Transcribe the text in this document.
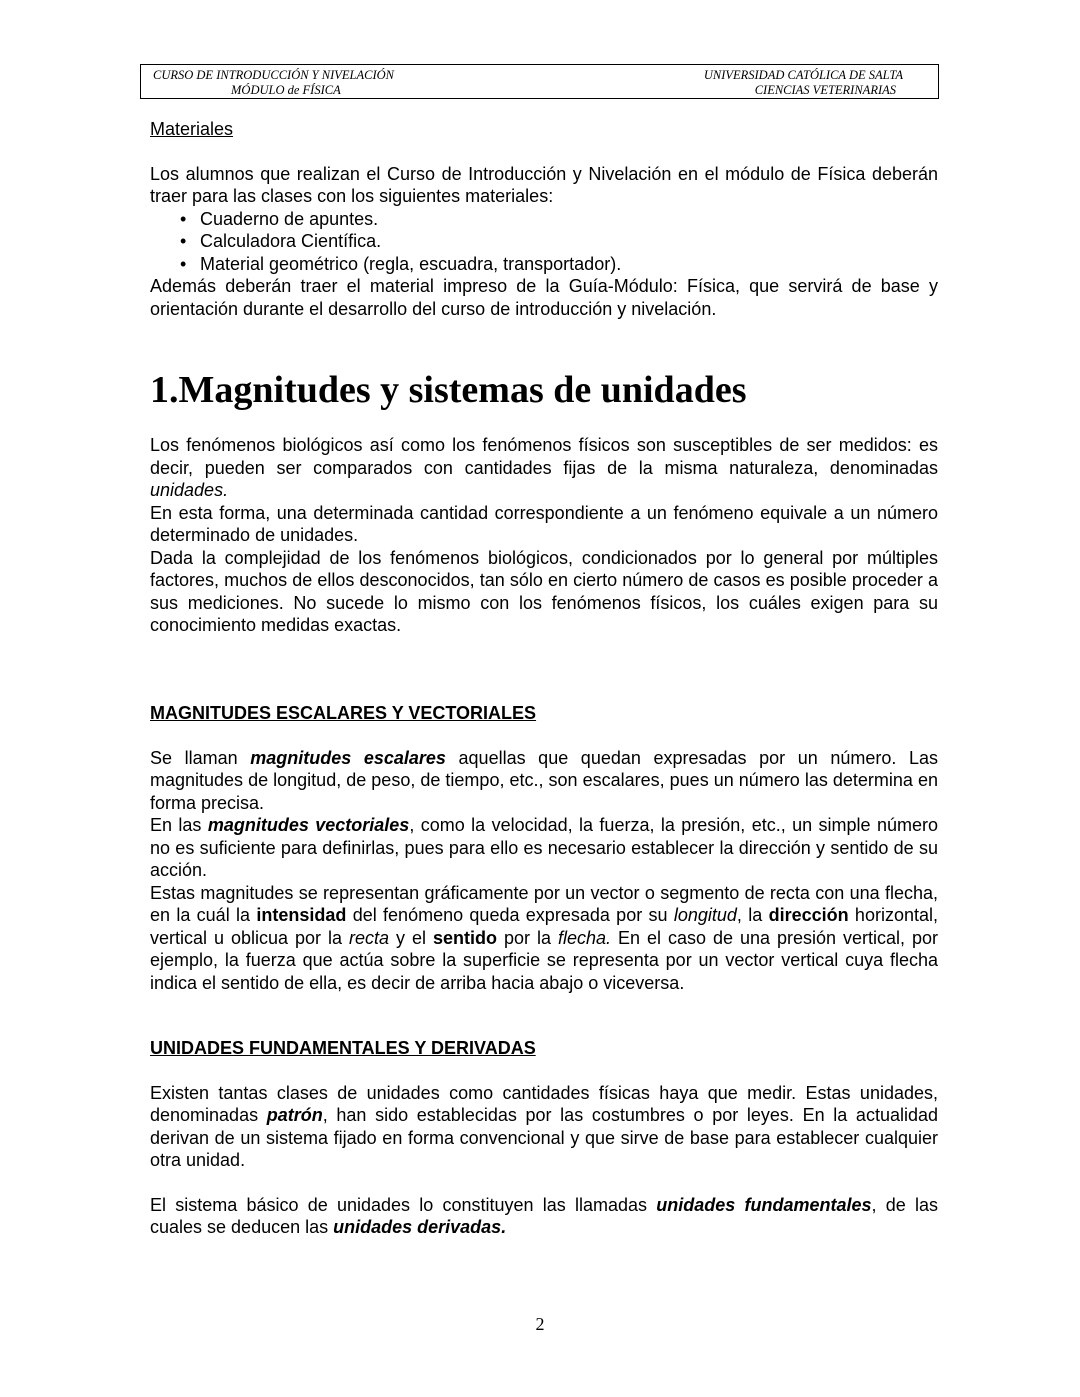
CURSO DE INTRODUCCIÓN Y NIVELACIÓN
MÓDULO de FÍSICA
UNIVERSIDAD CATÓLICA DE SALTA
CIENCIAS VETERINARIAS

Materiales

Los alumnos que realizan el Curso de Introducción y Nivelación en el módulo de Física deberán traer para las clases con los siguientes materiales:

• Cuaderno de apuntes.
• Calculadora Científica.
• Material geométrico (regla, escuadra, transportador).

Además deberán traer el material impreso de la Guía-Módulo: Física, que servirá de base y orientación durante el desarrollo del curso de introducción y nivelación.

1.Magnitudes y sistemas de unidades

Los fenómenos biológicos así como los fenómenos físicos son susceptibles de ser medidos: es decir, pueden ser comparados con cantidades fijas de la misma naturaleza, denominadas unidades.

En esta forma, una determinada cantidad correspondiente a un fenómeno equivale a un número determinado de unidades.

Dada la complejidad de los fenómenos biológicos, condicionados por lo general por múltiples factores, muchos de ellos desconocidos, tan sólo en cierto número de casos es posible proceder a sus mediciones. No sucede lo mismo con los fenómenos físicos, los cuáles exigen para su conocimiento medidas exactas.

MAGNITUDES ESCALARES Y VECTORIALES

Se llaman magnitudes escalares aquellas que quedan expresadas por un número. Las magnitudes de longitud, de peso, de tiempo, etc., son escalares, pues un número las determina en forma precisa.

En las magnitudes vectoriales, como la velocidad, la fuerza, la presión, etc., un simple número no es suficiente para definirlas, pues para ello es necesario establecer la dirección y sentido de su acción.

Estas magnitudes se representan gráficamente por un vector o segmento de recta con una flecha, en la cuál la intensidad del fenómeno queda expresada por su longitud, la dirección horizontal, vertical u oblicua por la recta y el sentido por la flecha. En el caso de una presión vertical, por ejemplo, la fuerza que actúa sobre la superficie se representa por un vector vertical cuya flecha indica el sentido de ella, es decir de arriba hacia abajo o viceversa.

UNIDADES FUNDAMENTALES Y DERIVADAS

Existen tantas clases de unidades como cantidades físicas haya que medir. Estas unidades, denominadas patrón, han sido establecidas por las costumbres o por leyes. En la actualidad derivan de un sistema fijado en forma convencional y que sirve de base para establecer cualquier otra unidad.

El sistema básico de unidades lo constituyen las llamadas unidades fundamentales, de las cuales se deducen las unidades derivadas.

2
